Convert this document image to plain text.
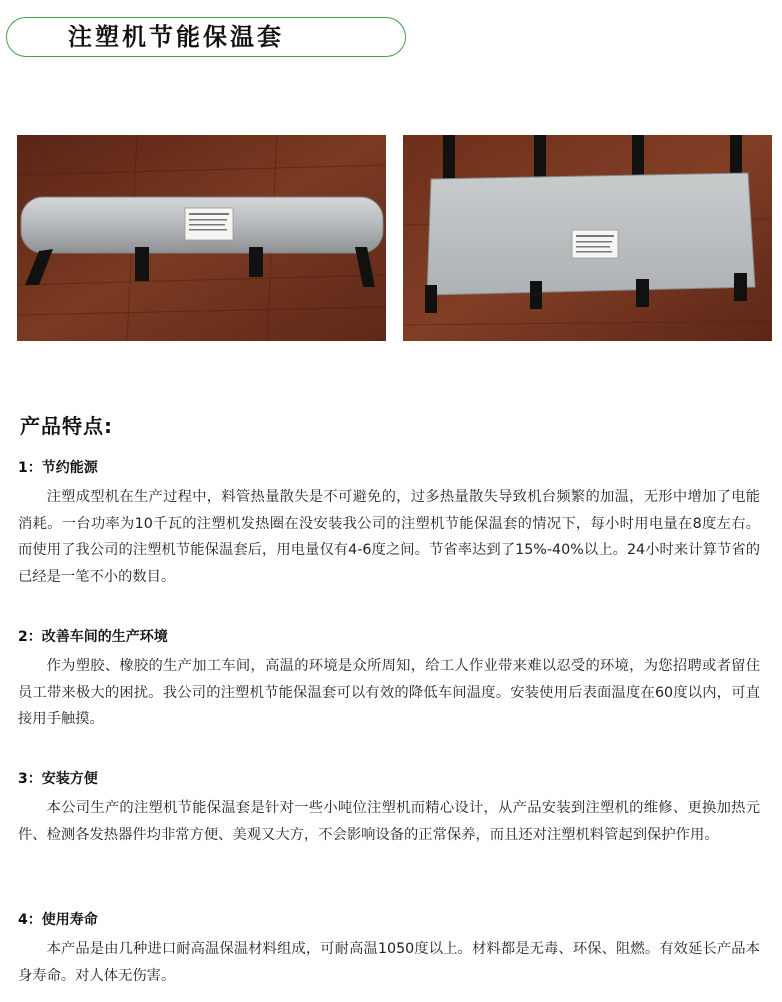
注塑机节能保温套
产品特点:
1：节约能源

注塑成型机在生产过程中，料管热量散失是不可避免的，过多热量散失导致机台频繁的加温，无形中增加了电能消耗。一台功率为10千瓦的注塑机发热圈在没安装我公司的注塑机节能保温套的情况下，每小时用电量在8度左右。而使用了我公司的注塑机节能保温套后，用电量仅有4-6度之间。节省率达到了15%-40%以上。24小时来计算节省的已经是一笔不小的数目。

2：改善车间的生产环境

作为塑胶、橡胶的生产加工车间，高温的环境是众所周知，给工人作业带来难以忍受的环境，为您招聘或者留住员工带来极大的困扰。我公司的注塑机节能保温套可以有效的降低车间温度。安装使用后表面温度在60度以内，可直接用手触摸。

3：安装方便

本公司生产的注塑机节能保温套是针对一些小吨位注塑机而精心设计，从产品安装到注塑机的维修、更换加热元件、检测各发热器件均非常方便、美观又大方，不会影响设备的正常保养，而且还对注塑机料管起到保护作用。

4：使用寿命

本产品是由几种进口耐高温保温材料组成，可耐高温1050度以上。材料都是无毒、环保、阻燃。有效延长产品本身寿命。对人体无伤害。
